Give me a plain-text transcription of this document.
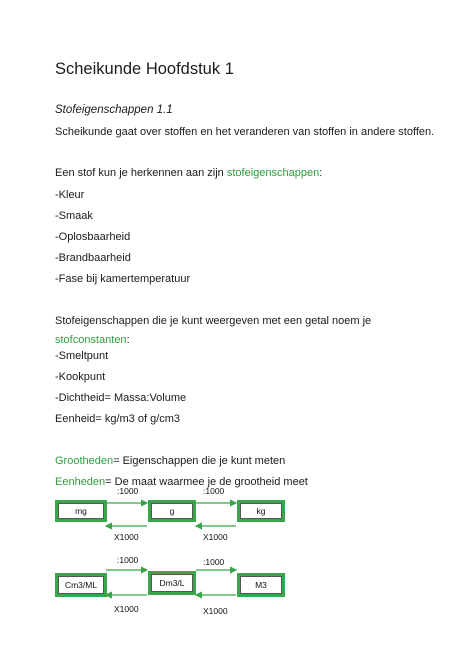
Scheikunde Hoofdstuk 1
Stofeigenschappen 1.1
Scheikunde gaat over stoffen en het veranderen van stoffen in andere stoffen.
Een stof kun je herkennen aan zijn stofeigenschappen:
-Kleur
-Smaak
-Oplosbaarheid
-Brandbaarheid
-Fase bij kamertemperatuur
Stofeigenschappen die je kunt weergeven met een getal noem je
stofconstanten:
-Smeltpunt
-Kookpunt
-Dichtheid= Massa:Volume
Eenheid= kg/m3 of g/cm3
Grootheden= Eigenschappen die je kunt meten
Eenheden= De maat waarmee je de grootheid meet
:1000	:1000
mg	g	kg
X1000	X1000
:1000	:1000
Cm3/ML	Dm3/L	M3
X1000	X1000
